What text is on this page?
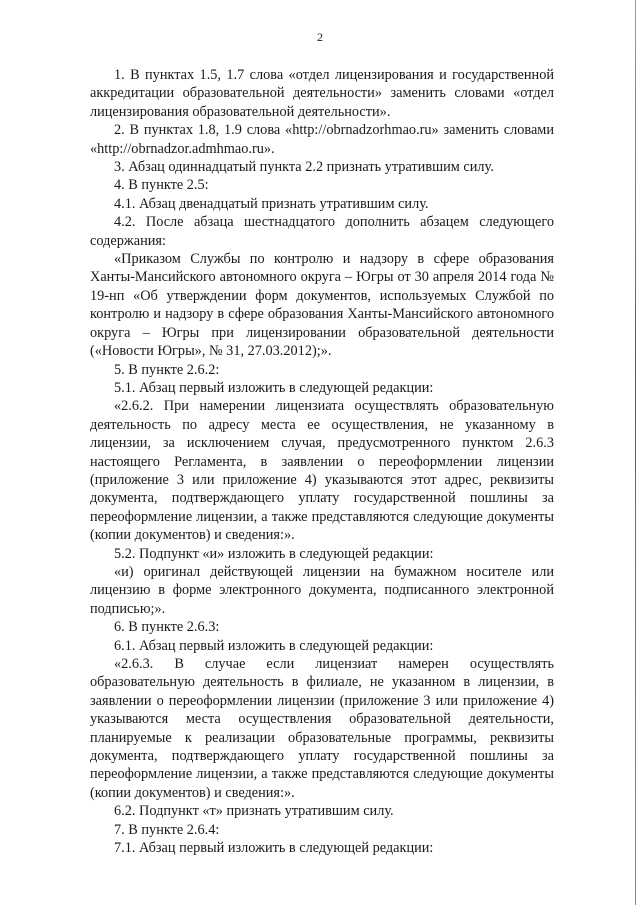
2

1. В пунктах 1.5, 1.7 слова «отдел лицензирования и государственной аккредитации образовательной деятельности» заменить словами «отдел лицензирования образовательной деятельности».

2. В пунктах 1.8, 1.9 слова «http://obrnadzorhmao.ru» заменить словами «http://obrnadzor.admhmao.ru».

3. Абзац одиннадцатый пункта 2.2 признать утратившим силу.

4. В пункте 2.5:

4.1. Абзац двенадцатый признать утратившим силу.

4.2. После абзаца шестнадцатого дополнить абзацем следующего содержания:

«Приказом Службы по контролю и надзору в сфере образования Ханты-Мансийского автономного округа – Югры от 30 апреля 2014 года № 19-нп «Об утверждении форм документов, используемых Службой по контролю и надзору в сфере образования Ханты-Мансийского автономного округа – Югры при лицензировании образовательной деятельности («Новости Югры», № 31, 27.03.2012);».

5. В пункте 2.6.2:

5.1. Абзац первый изложить в следующей редакции:

«2.6.2. При намерении лицензиата осуществлять образовательную деятельность по адресу места ее осуществления, не указанному в лицензии, за исключением случая, предусмотренного пунктом 2.6.3 настоящего Регламента, в заявлении о переоформлении лицензии (приложение 3 или приложение 4) указываются этот адрес, реквизиты документа, подтверждающего уплату государственной пошлины за переоформление лицензии, а также представляются следующие документы (копии документов) и сведения:».

5.2. Подпункт «и» изложить в следующей редакции:

«и) оригинал действующей лицензии на бумажном носителе или лицензию в форме электронного документа, подписанного электронной подписью;».

6. В пункте 2.6.3:

6.1. Абзац первый изложить в следующей редакции:

«2.6.3. В случае если лицензиат намерен осуществлять образовательную деятельность в филиале, не указанном в лицензии, в заявлении о переоформлении лицензии (приложение 3 или приложение 4) указываются места осуществления образовательной деятельности, планируемые к реализации образовательные программы, реквизиты документа, подтверждающего уплату государственной пошлины за переоформление лицензии, а также представляются следующие документы (копии документов) и сведения:».

6.2. Подпункт «т» признать утратившим силу.

7. В пункте 2.6.4:

7.1. Абзац первый изложить в следующей редакции:
